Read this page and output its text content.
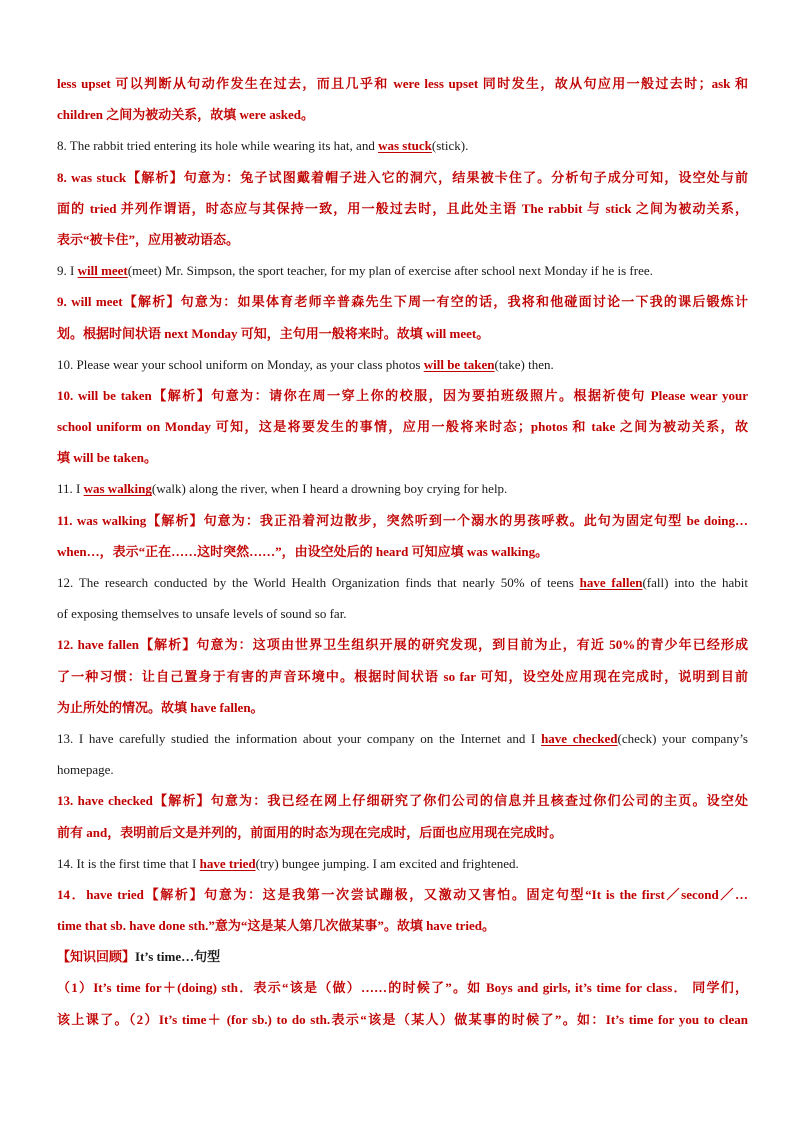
less upset 可以判断从句动作发生在过去，而且几乎和 were less upset 同时发生，故从句应用一般过去时；ask 和
children 之间为被动关系，故填 were asked。
8. The rabbit tried entering its hole while wearing its hat, and was stuck(stick).
8. was stuck【解析】句意为：兔子试图戴着帽子进入它的洞穴，结果被卡住了。分析句子成分可知，设空处与前
面的 tried 并列作谓语，时态应与其保持一致，用一般过去时，且此处主语 The rabbit 与 stick 之间为被动关系，
表示“被卡住”，应用被动语态。
9. I will meet(meet) Mr. Simpson, the sport teacher, for my plan of exercise after school next Monday if he is free.
9. will meet【解析】句意为：如果体育老师辛普森先生下周一有空的话，我将和他碰面讨论一下我的课后锻炼计
划。根据时间状语 next Monday 可知，主句用一般将来时。故填 will meet。
10. Please wear your school uniform on Monday, as your class photos will be taken(take) then.
10. will be taken【解析】句意为：请你在周一穿上你的校服，因为要拍班级照片。根据祈使句 Please wear your
school uniform on Monday 可知，这是将要发生的事情，应用一般将来时态；photos 和 take 之间为被动关系，故
填 will be taken。
11. I was walking(walk) along the river, when I heard a drowning boy crying for help.
11. was walking【解析】句意为：我正沿着河边散步，突然听到一个溺水的男孩呼救。此句为固定句型 be doing…
when…，表示“正在……这时突然……”，由设空处后的 heard 可知应填 was walking。
12. The research conducted by the World Health Organization finds that nearly 50% of teens have fallen(fall) into the habit
of exposing themselves to unsafe levels of sound so far.
12. have fallen【解析】句意为：这项由世界卫生组织开展的研究发现，到目前为止，有近 50%的青少年已经形成
了一种习惯：让自己置身于有害的声音环境中。根据时间状语 so far 可知，设空处应用现在完成时，说明到目前
为止所处的情况。故填 have fallen。
13. I have carefully studied the information about your company on the Internet and I have checked(check) your company’s
homepage.
13. have checked【解析】句意为：我已经在网上仔细研究了你们公司的信息并且核查过你们公司的主页。设空处
前有 and，表明前后文是并列的，前面用的时态为现在完成时，后面也应用现在完成时。
14. It is the first time that I have tried(try) bungee jumping. I am excited and frightened.
14．have tried【解析】句意为：这是我第一次尝试蹦极，又激动又害怕。固定句型“It is the first／second／…
time that sb. have done sth.”意为“这是某人第几次做某事”。故填 have tried。
【知识回顾】It’s time…句型
（1）It’s time for＋(doing) sth．表示“该是（做）……的时候了”。如 Boys and girls, it’s time for class． 同学们，
该上课了。（2）It’s time＋ (for sb.) to do sth.表示“该是（某人）做某事的时候了”。如：It’s time for you to clean
